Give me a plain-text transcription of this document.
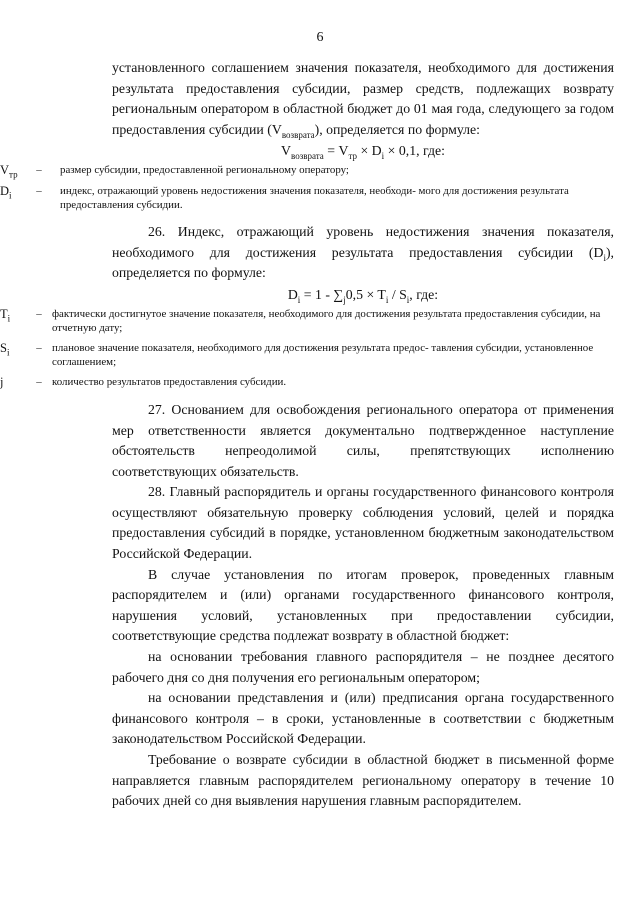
6

установленного соглашением значения показателя, необходимого для достижения результата предоставления субсидии, размер средств, подлежащих возврату региональным оператором в областной бюджет до 01 мая года, следующего за годом предоставления субсидии $(V_{возврата})$, определяется по формуле:

$V_{возврата} = V_{тр} \times D_i \times 0,1$, где:
$V_{тр}$	–	размер субсидии, предоставленной региональному оператору;
$D_i$	–	индекс, отражающий уровень недостижения значения показателя, необходи- мого для достижения результата предоставления субсидии.

26. Индекс, отражающий уровень недостижения значения показателя, необходимого для достижения результата предоставления субсидии $(D_i)$, определяется по формуле:

$D_i = 1 - \sum_j0,5 \times T_i / S_i$, где:
$T_i$	– фактически достигнутое значение показателя, необходимого для достижения результата предоставления субсидии, на отчетную дату;
$S_i$	– плановое значение показателя, необходимого для достижения результата предос- тавления субсидии, установленное соглашением;
j	– количество результатов предоставления субсидии.

27. Основанием для освобождения регионального оператора от применения мер ответственности является документально подтвержденное наступление обстоятельств непреодолимой силы, препятствующих исполнению соответствующих обязательств.

28. Главный распорядитель и органы государственного финансового контроля осуществляют обязательную проверку соблюдения условий, целей и порядка предоставления субсидий в порядке, установленном бюджетным законодательством Российской Федерации.

В случае установления по итогам проверок, проведенных главным распорядителем и (или) органами государственного финансового контроля, нарушения условий, установленных при предоставлении субсидии, соответствующие средства подлежат возврату в областной бюджет:

на основании требования главного распорядителя – не позднее десятого рабочего дня со дня получения его региональным оператором;

на основании представления и (или) предписания органа государственного финансового контроля – в сроки, установленные в соответствии с бюджетным законодательством Российской Федерации.

Требование о возврате субсидии в областной бюджет в письменной форме направляется главным распорядителем региональному оператору в течение 10 рабочих дней со дня выявления нарушения главным распорядителем.
